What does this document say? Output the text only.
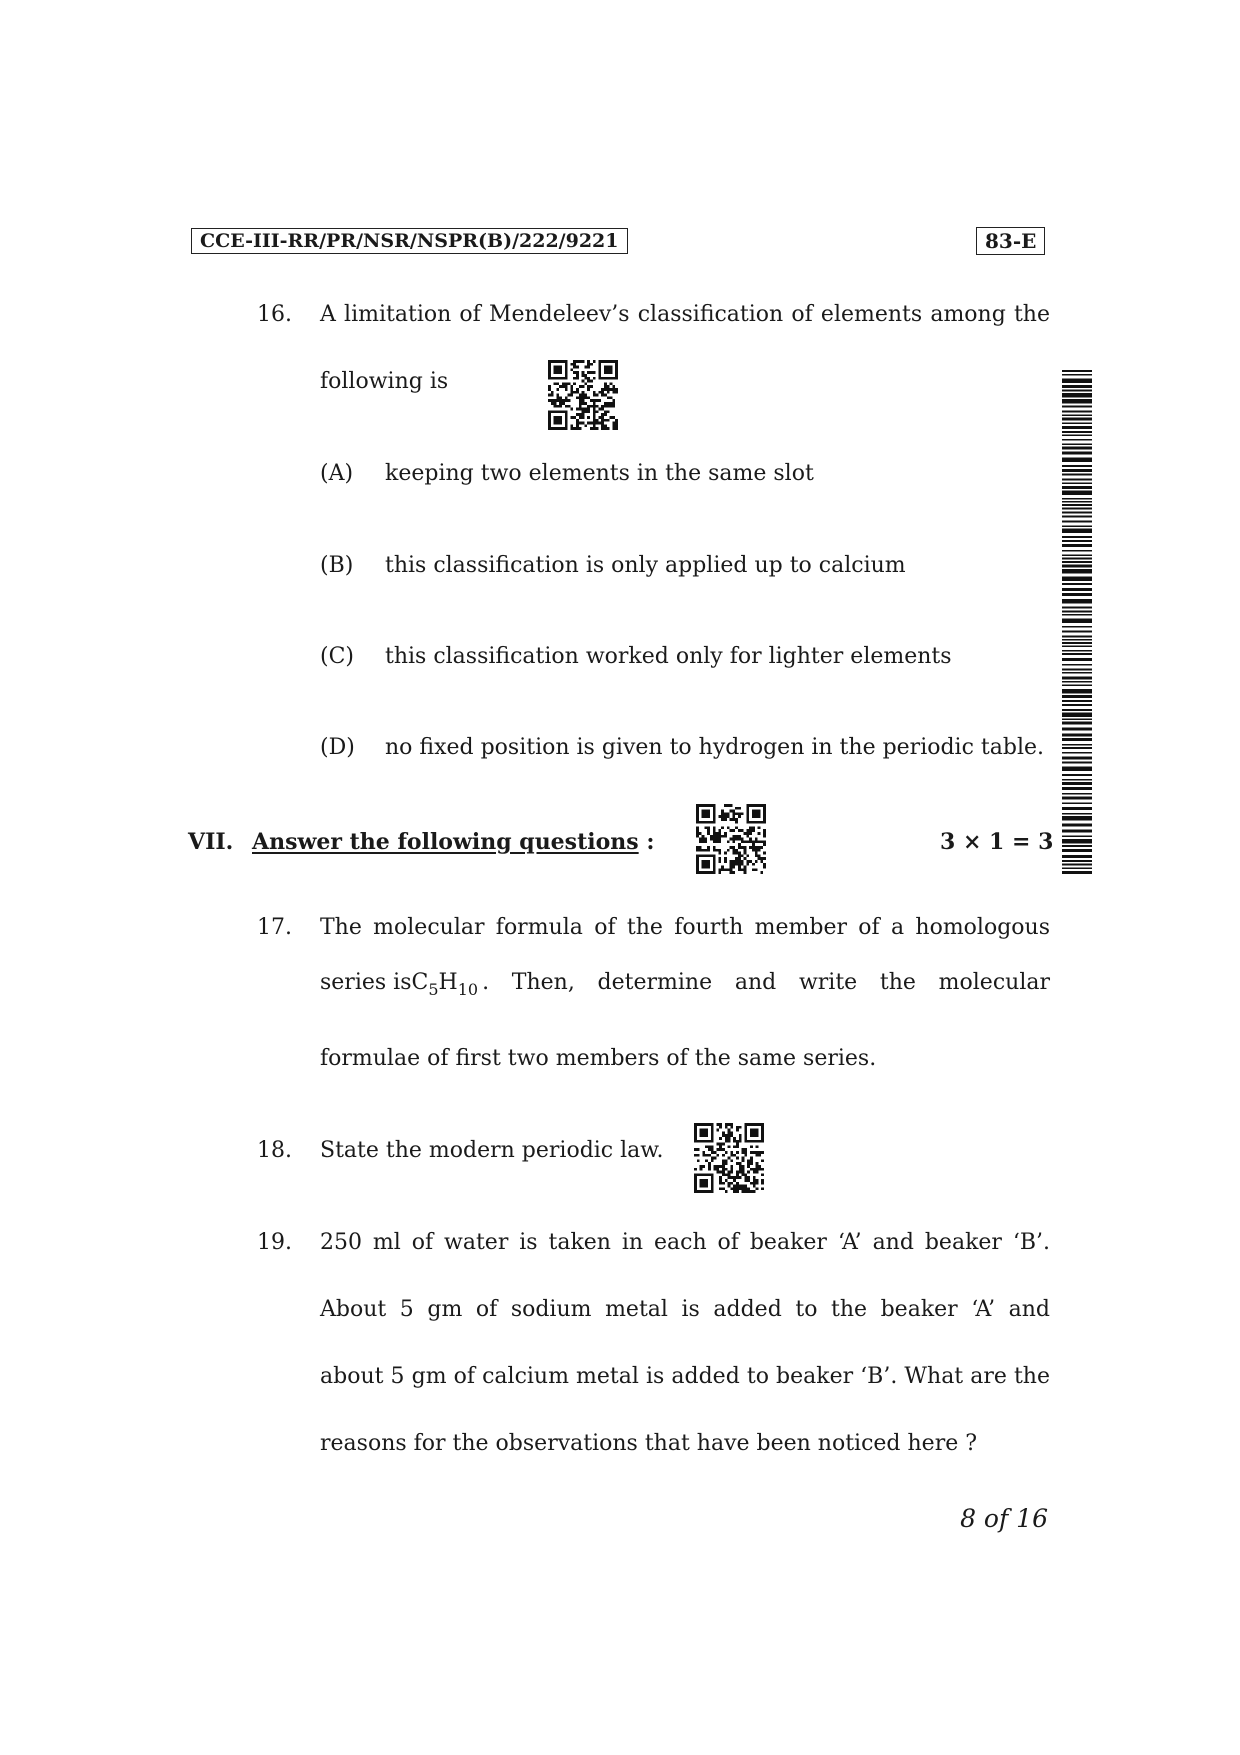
CCE-III-RR/PR/NSR/NSPR(B)/222/9221	83-E
16. A limitation of Mendeleev’s classification of elements among the
following is
(A) keeping two elements in the same slot
(B) this classification is only applied up to calcium
(C) this classification worked only for lighter elements
(D) no fixed position is given to hydrogen in the periodic table.
VII. Answer the following questions :	3 × 1 = 3
17. The molecular formula of the fourth member of a homologous
series is $C_5H_{10}$ . Then, determine and write the molecular
formulae of first two members of the same series.
18. State the modern periodic law.
19. 250 ml of water is taken in each of beaker ‘A’ and beaker ‘B’.
About 5 gm of sodium metal is added to the beaker ‘A’ and
about 5 gm of calcium metal is added to beaker ‘B’. What are the
reasons for the observations that have been noticed here ?
8 of 16
